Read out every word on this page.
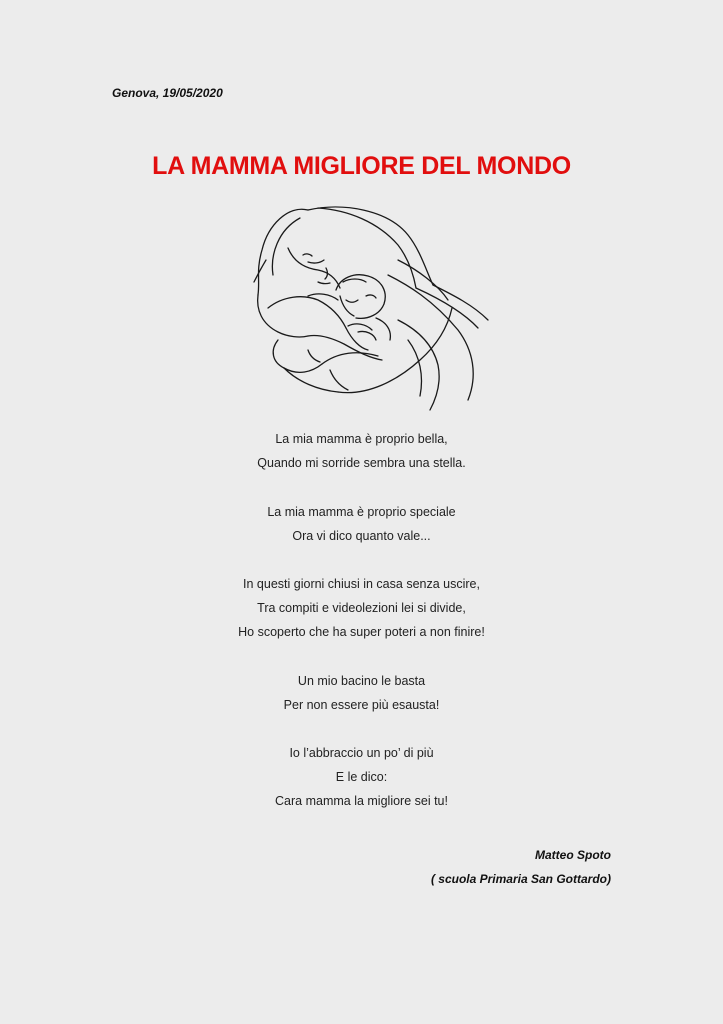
Genova, 19/05/2020
LA MAMMA MIGLIORE DEL MONDO
La mia mamma è proprio bella,
Quando mi sorride sembra una stella.
La mia mamma è proprio speciale
Ora vi dico quanto vale...
In questi giorni chiusi in casa senza uscire,
Tra compiti e videolezioni lei si divide,
Ho scoperto che ha super poteri a non finire!
Un mio bacino le basta
Per non essere più esausta!
Io l’abbraccio un po’ di più
E le dico:
Cara mamma la migliore sei tu!
Matteo Spoto
( scuola Primaria San Gottardo)
